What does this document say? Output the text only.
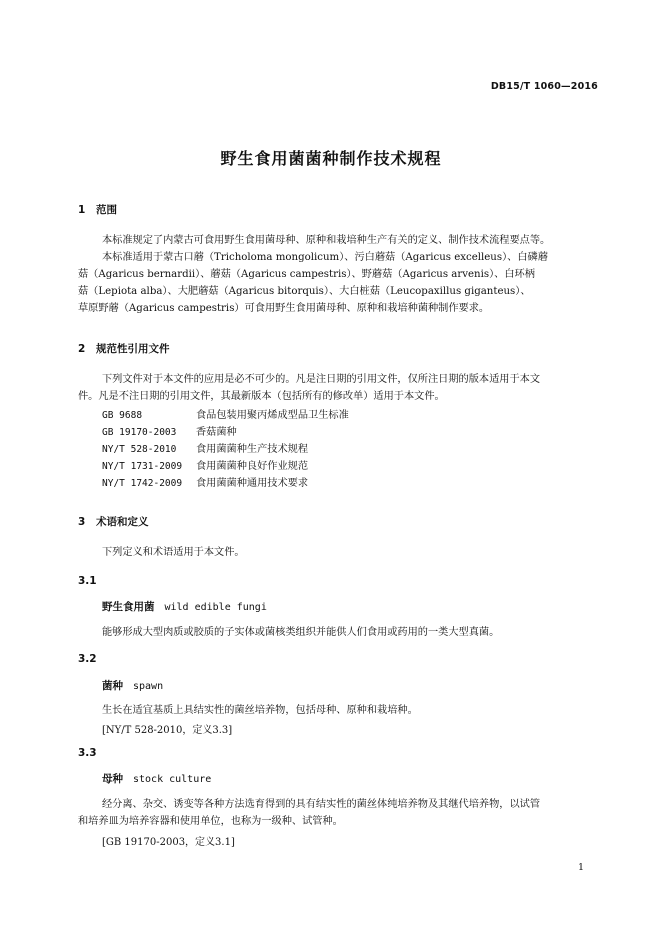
DB15/T 1060—2016
野生食用菌菌种制作技术规程
1 范围
本标准规定了内蒙古可食用野生食用菌母种、原种和栽培种生产有关的定义、制作技术流程要点等。
本标准适用于蒙古口蘑（Tricholoma mongolicum）、污白蘑菇（Agaricus excelleus）、白磷蘑
菇（Agaricus bernardii）、蘑菇（Agaricus campestris）、野蘑菇（Agaricus arvenis）、白环柄
菇（Lepiota alba）、大肥蘑菇（Agaricus bitorquis）、大白桩菇（Leucopaxillus giganteus）、
草原野蘑（Agaricus campestris）可食用野生食用菌母种、原种和栽培种菌种制作要求。
2 规范性引用文件
下列文件对于本文件的应用是必不可少的。凡是注日期的引用文件，仅所注日期的版本适用于本文
件。凡是不注日期的引用文件，其最新版本（包括所有的修改单）适用于本文件。
GB 9688	食品包装用聚丙烯成型品卫生标准
GB 19170-2003 香菇菌种
NY/T 528-2010 食用菌菌种生产技术规程
NY/T 1731-2009 食用菌菌种良好作业规范
NY/T 1742-2009 食用菌菌种通用技术要求
3 术语和定义
下列定义和术语适用于本文件。
3.1
野生食用菌 wild edible fungi
能够形成大型肉质或胶质的子实体或菌核类组织并能供人们食用或药用的一类大型真菌。
3.2
菌种 spawn
生长在适宜基质上具结实性的菌丝培养物，包括母种、原种和栽培种。
[NY/T 528-2010，定义3.3]
3.3
母种 stock culture
经分离、杂交、诱变等各种方法选育得到的具有结实性的菌丝体纯培养物及其继代培养物，以试管
和培养皿为培养容器和使用单位，也称为一级种、试管种。
[GB 19170-2003，定义3.1]
1
